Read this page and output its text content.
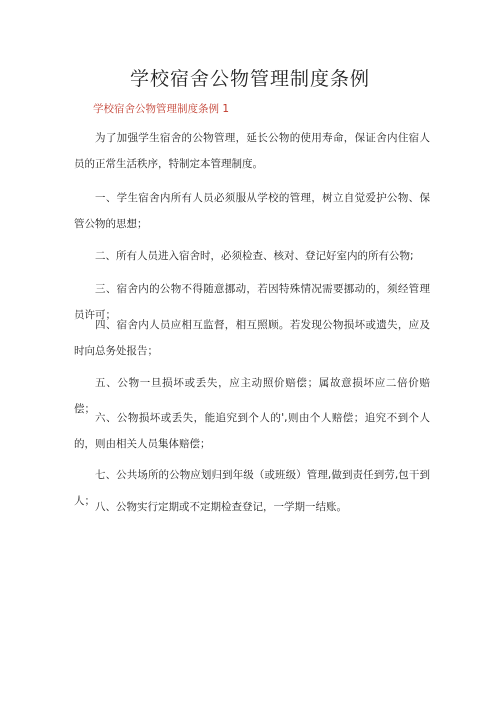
学校宿舍公物管理制度条例
学校宿舍公物管理制度条例 1

为了加强学生宿舍的公物管理，延长公物的使用寿命，保证舍内住宿人员的正常生活秩序，特制定本管理制度。

一、学生宿舍内所有人员必须服从学校的管理，树立自觉爱护公物、保管公物的思想；

二、所有人员进入宿舍时，必须检查、核对、登记好室内的所有公物;

三、宿舍内的公物不得随意挪动，若因特殊情况需要挪动的，须经管理员许可；

四、宿舍内人员应相互监督，相互照顾。若发现公物损坏或遗失，应及时向总务处报告；

五、公物一旦损坏或丢失，应主动照价赔偿；属故意损坏应二倍价赔偿；

六、公物损坏或丢失，能追究到个人的',则由个人赔偿；追究不到个人的，则由相关人员集体赔偿；

七、公共场所的公物应划归到年级（或班级）管理,做到责任到劳,包干到人； 八、公物实行定期或不定期检查登记，一学期一结账。
